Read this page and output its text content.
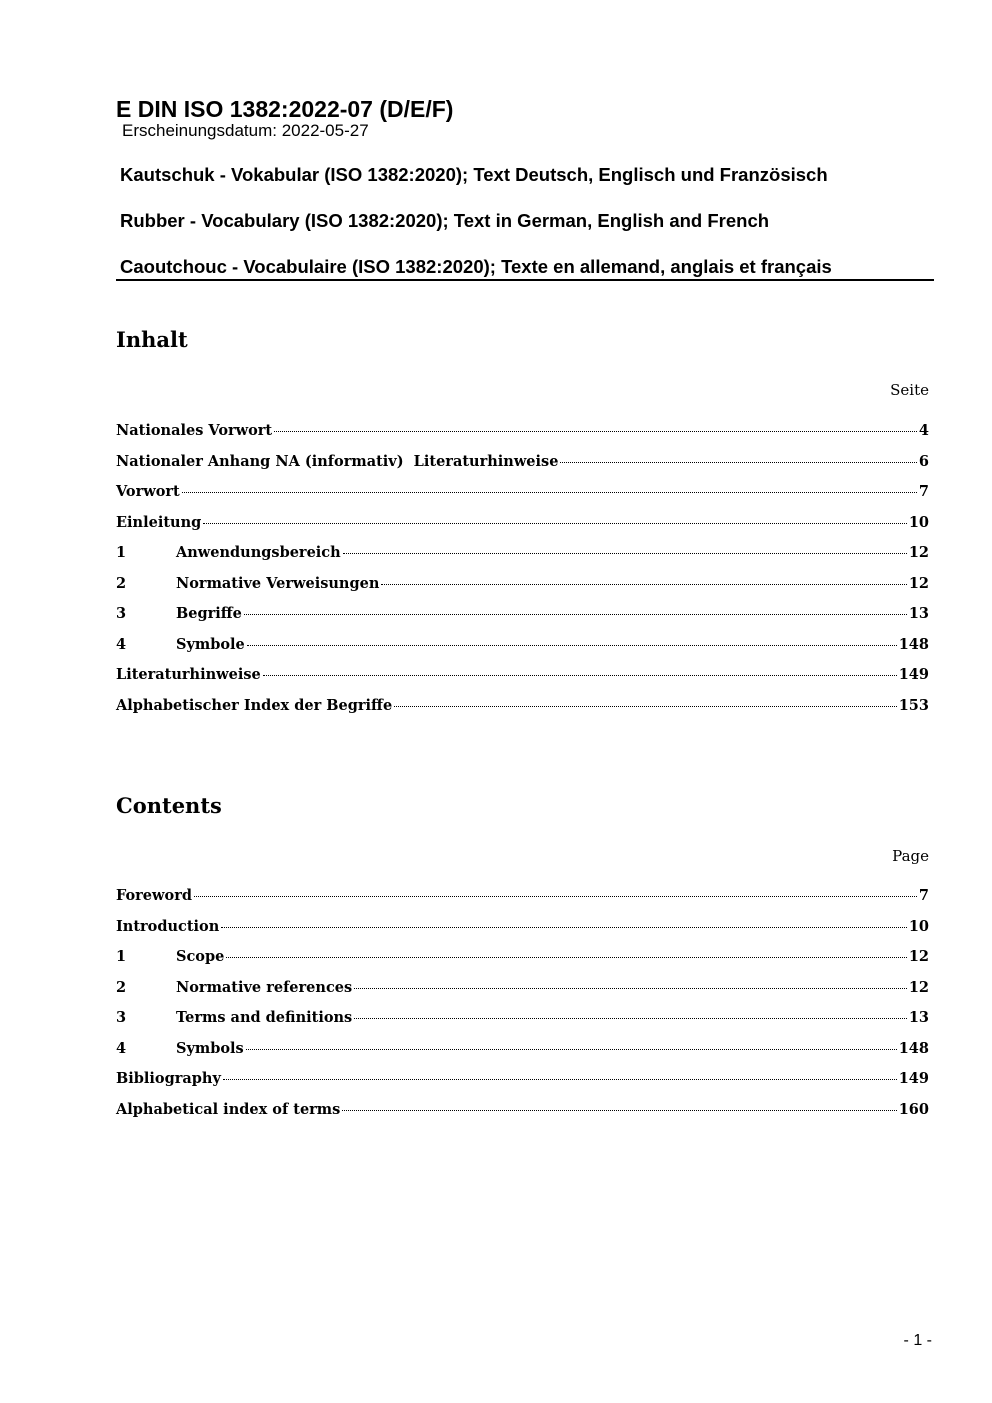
E DIN ISO 1382:2022-07 (D/E/F)
Erscheinungsdatum: 2022-05-27
Kautschuk - Vokabular (ISO 1382:2020); Text Deutsch, Englisch und Französisch
Rubber - Vocabulary (ISO 1382:2020); Text in German, English and French
Caoutchouc - Vocabulaire (ISO 1382:2020); Texte en allemand, anglais et français
Inhalt
Seite
Nationales Vorwort	4
Nationaler Anhang NA (informativ)  Literaturhinweise	6
Vorwort	7
Einleitung	10
1	Anwendungsbereich	12
2	Normative Verweisungen	12
3	Begriffe	13
4	Symbole	148
Literaturhinweise	149
Alphabetischer Index der Begriffe	153
Contents
Page
Foreword	7
Introduction	10
1	Scope	12
2	Normative references	12
3	Terms and definitions	13
4	Symbols	148
Bibliography	149
Alphabetical index of terms	160
- 1 -
